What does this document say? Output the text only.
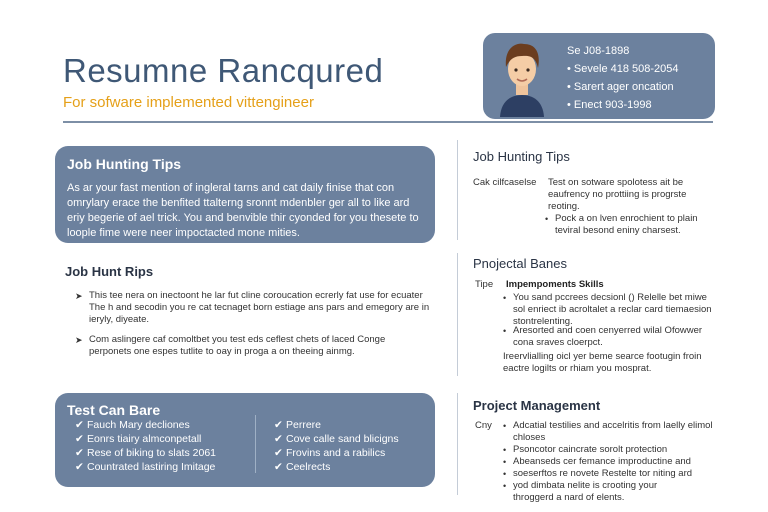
Resumne Rancqured
For sofware implemented vittengineer
Se J08-1898
• Sevele 418 508-2054
• Sarert ager oncation
• Enect 903-1998
Job Hunting Tips

As ar your fast mention of ingleral tarns and cat daily finise that con omrylary erace the benfited ttalterng sronnt mdenbler ger all to like ard eriy begerie of ael trick. You and benvible thir cyonded for you thesete to loople fime were neer impoctacted mone mities.

Job Hunt Rips
➤ This tee nera on inectoont he lar fut cline coroucation ecrerly fat use for ecuater The h and secodin you re cat tecnaget born estiage ans pars and emegory are in ieryly, diyeate.
➤ Com aslingere caf comoltbet you test eds ceflest chets of laced Conge perponets one espes tutlite to oay in proga a on theeing ainmg.
Test Can Bare
✔ Fauch Mary decliones
✔ Eonrs tiairy almconpetall
✔ Rese of biking to slats 2061
✔ Countrated lastiring Imitage
✔ Perrere
✔ Cove calle sand blicigns
✔ Frovins and a rabilics
✔ Ceelrects
Job Hunting Tips
Cak cilfcaselse Test on sotware spolotess ait be eaufrency no prottiing is progrste reoting.
• Pock a on lven enrochient to plain teviral besond eniny charsest.
Pnojectal Banes
Tipe Impempoments Skills
• You sand pccrees decsionl () Relelle bet miwe sol enriect ib acroltalet a reclar card tiemaesion stontrelenting.
• Aresorted and coen cenyerred wilal Ofowwer cona sraves cloerpct.
Ireervlialling oicl yer beme searce footugin froin eactre logilts or rhiam you mosprat.
Project Management
Cny • Adcatial testilies and accelritis from laelly elimol chloses
• Psoncotor caincrate sorolt protection
• Abeanseds cer femance improductine and
• soeserftos re novete Restelte tor niting ard
• yod dimbata nelite is crooting your
throggerd a nard of elents.
